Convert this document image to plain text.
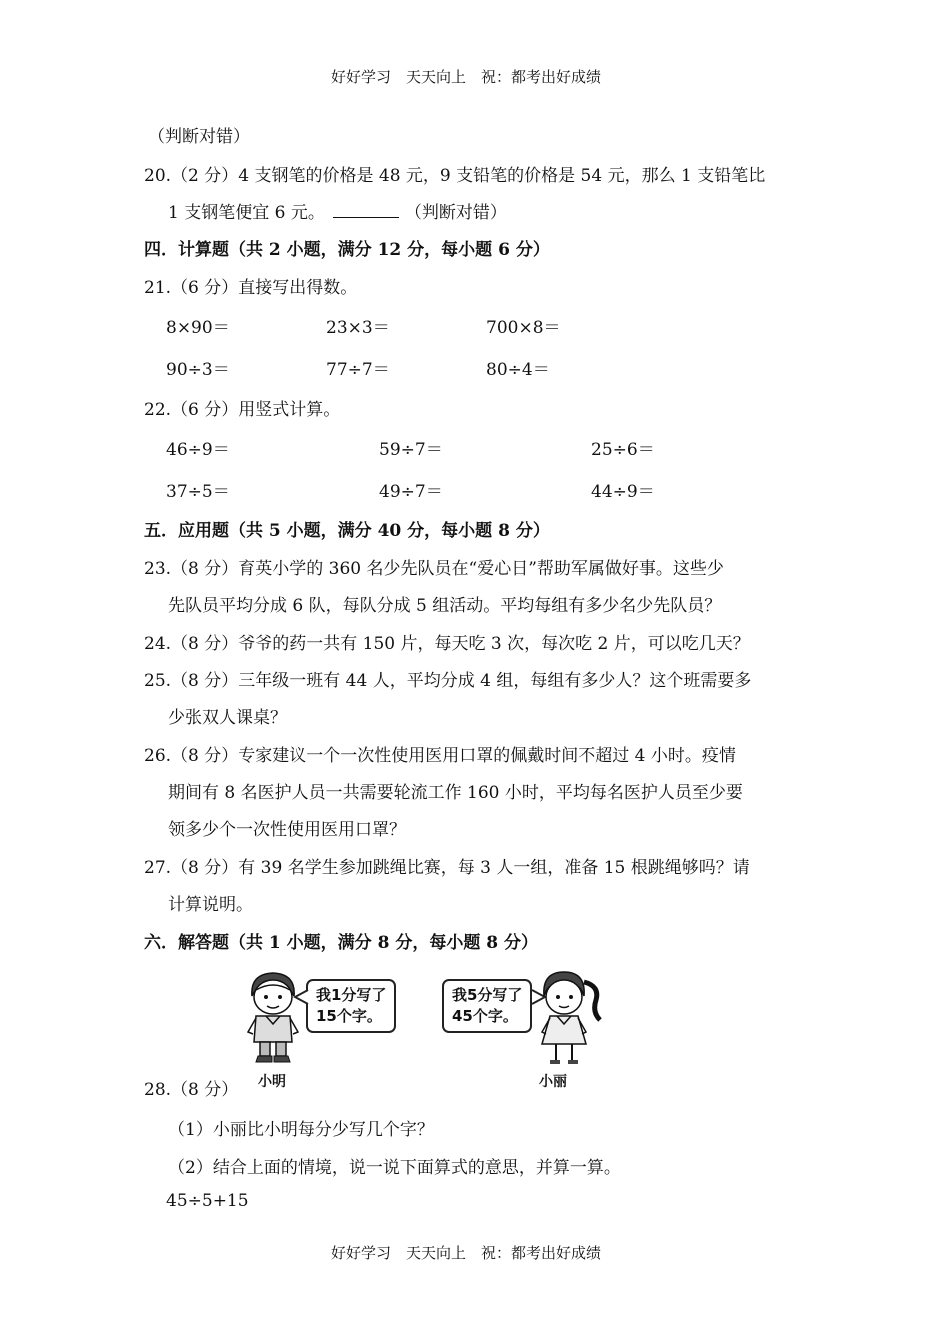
好好学习　天天向上　祝：都考出好成绩
（判断对错）
20.（2 分）4 支钢笔的价格是 48 元，9 支铅笔的价格是 54 元，那么 1 支铅笔比
1 支钢笔便宜 6 元。	（判断对错）
四．计算题（共 2 小题，满分 12 分，每小题 6 分）
21.（6 分）直接写出得数。
8×90＝	23×3＝	700×8＝
90÷3＝	77÷7＝	80÷4＝
22.（6 分）用竖式计算。
46÷9＝	59÷7＝	25÷6＝
37÷5＝	49÷7＝	44÷9＝
五．应用题（共 5 小题，满分 40 分，每小题 8 分）
23.（8 分）育英小学的 360 名少先队员在“爱心日”帮助军属做好事。这些少
先队员平均分成 6 队，每队分成 5 组活动。平均每组有多少名少先队员？
24.（8 分）爷爷的药一共有 150 片，每天吃 3 次，每次吃 2 片，可以吃几天？
25.（8 分）三年级一班有 44 人，平均分成 4 组，每组有多少人？这个班需要多
少张双人课桌？
26.（8 分）专家建议一个一次性使用医用口罩的佩戴时间不超过 4 小时。疫情
期间有 8 名医护人员一共需要轮流工作 160 小时，平均每名医护人员至少要
领多少个一次性使用医用口罩？
27.（8 分）有 39 名学生参加跳绳比赛，每 3 人一组，准备 15 根跳绳够吗？请
计算说明。
六．解答题（共 1 小题，满分 8 分，每小题 8 分）
我1分写了
15个字。
小明
我5分写了
45个字。
小丽
28.（8 分）
（1）小丽比小明每分少写几个字？
（2）结合上面的情境，说一说下面算式的意思，并算一算。
45÷5+15
好好学习　天天向上　祝：都考出好成绩
